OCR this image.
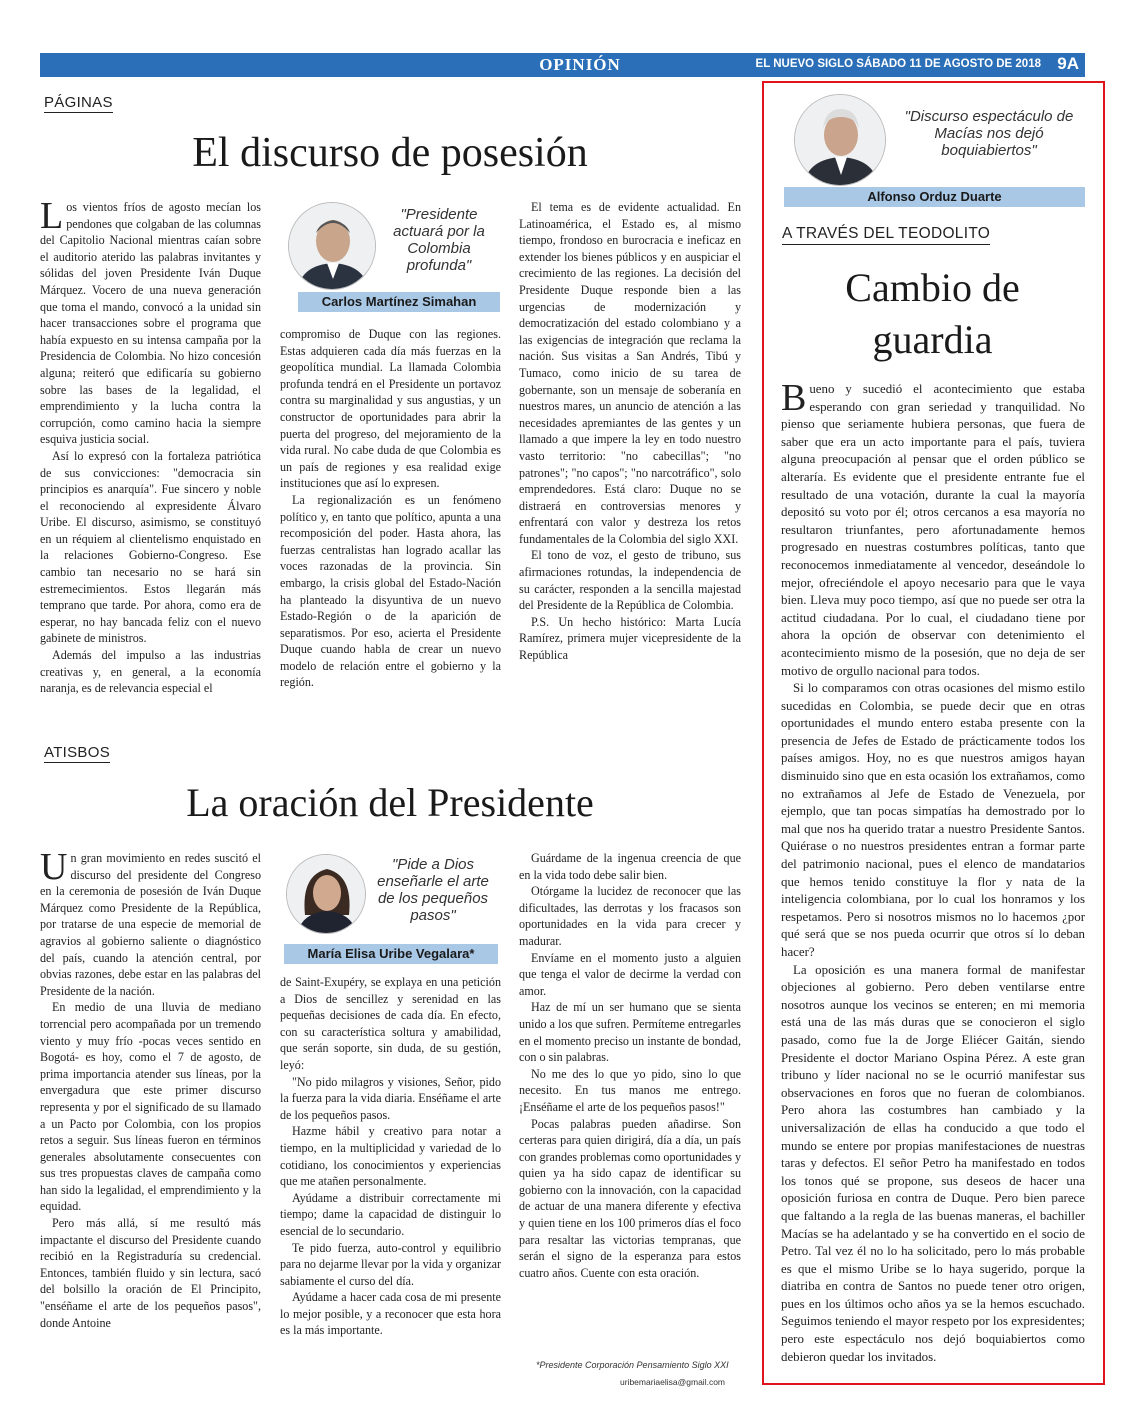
OPINIÓN	EL NUEVO SIGLO SÁBADO 11 DE AGOSTO DE 2018 9A
PÁGINAS
El discurso de posesión

Los vientos fríos de agosto mecían los pendones que colgaban de las columnas del Capitolio Nacional mientras caían sobre el auditorio aterido las palabras invitantes y sólidas del joven Presidente Iván Duque Márquez. Vocero de una nueva generación que toma el mando, convocó a la unidad sin hacer transacciones sobre el programa que había expuesto en su intensa campaña por la Presidencia de Colombia. No hizo concesión alguna; reiteró que edificaría su gobierno sobre las bases de la legalidad, el emprendimiento y la lucha contra la corrupción, como camino hacia la siempre esquiva justicia social.

Así lo expresó con la fortaleza patriótica de sus convicciones: "democracia sin principios es anarquía". Fue sincero y noble el reconociendo al expresidente Álvaro Uribe. El discurso, asimismo, se constituyó en un réquiem al clientelismo enquistado en la relaciones Gobierno-Congreso. Ese cambio tan necesario no se hará sin estremecimientos. Estos llegarán más temprano que tarde. Por ahora, como era de esperar, no hay bancada feliz con el nuevo gabinete de ministros.

Además del impulso a las industrias creativas y, en general, a la economía naranja, es de relevancia especial el

"Presidente actuará por la Colombia profunda"
Carlos Martínez Simahan

compromiso de Duque con las regiones. Estas adquieren cada día más fuerzas en la geopolítica mundial. La llamada Colombia profunda tendrá en el Presidente un portavoz contra su marginalidad y sus angustias, y un constructor de oportunidades para abrir la puerta del progreso, del mejoramiento de la vida rural. No cabe duda de que Colombia es un país de regiones y esa realidad exige instituciones que así lo expresen.

La regionalización es un fenómeno político y, en tanto que político, apunta a una recomposición del poder. Hasta ahora, las fuerzas centralistas han logrado acallar las voces razonadas de la provincia. Sin embargo, la crisis global del Estado-Nación ha planteado la disyuntiva de un nuevo Estado-Región o de la aparición de separatismos. Por eso, acierta el Presidente Duque cuando habla de crear un nuevo modelo de relación entre el gobierno y la región.

El tema es de evidente actualidad. En Latinoamérica, el Estado es, al mismo tiempo, frondoso en burocracia e ineficaz en extender los bienes públicos y en auspiciar el crecimiento de las regiones. La decisión del Presidente Duque responde bien a las urgencias de modernización y democratización del estado colombiano y a las exigencias de integración que reclama la nación. Sus visitas a San Andrés, Tibú y Tumaco, como inicio de su tarea de gobernante, son un mensaje de soberanía en nuestros mares, un anuncio de atención a las necesidades apremiantes de las gentes y un llamado a que impere la ley en todo nuestro vasto territorio: "no cabecillas"; "no patrones"; "no capos"; "no narcotráfico", solo emprendedores. Está claro: Duque no se distraerá en controversias menores y enfrentará con valor y destreza los retos fundamentales de la Colombia del siglo XXI.

El tono de voz, el gesto de tribuno, sus afirmaciones rotundas, la independencia de su carácter, responden a la sencilla majestad del Presidente de la República de Colombia.

P.S. Un hecho histórico: Marta Lucía Ramírez, primera mujer vicepresidente de la República

ATISBOS
La oración del Presidente

Un gran movimiento en redes suscitó el discurso del presidente del Congreso en la ceremonia de posesión de Iván Duque Márquez como Presidente de la República, por tratarse de una especie de memorial de agravios al gobierno saliente o diagnóstico del país, cuando la atención central, por obvias razones, debe estar en las palabras del Presidente de la nación.

En medio de una lluvia de mediano torrencial pero acompañada por un tremendo viento y muy frío -pocas veces sentido en Bogotá- es hoy, como el 7 de agosto, de prima importancia atender sus líneas, por la envergadura que este primer discurso representa y por el significado de su llamado a un Pacto por Colombia, con los propios retos a seguir. Sus líneas fueron en términos generales absolutamente consecuentes con sus tres propuestas claves de campaña como han sido la legalidad, el emprendimiento y la equidad.

Pero más allá, sí me resultó más impactante el discurso del Presidente cuando recibió en la Registraduría su credencial. Entonces, también fluido y sin lectura, sacó del bolsillo la oración de El Principito, "enséñame el arte de los pequeños pasos", donde Antoine

"Pide a Dios enseñarle el arte de los pequeños pasos"
María Elisa Uribe Vegalara*

de Saint-Exupéry, se explaya en una petición a Dios de sencillez y serenidad en las pequeñas decisiones de cada día. En efecto, con su característica soltura y amabilidad, que serán soporte, sin duda, de su gestión, leyó:

"No pido milagros y visiones, Señor, pido la fuerza para la vida diaria. Enséñame el arte de los pequeños pasos.

Hazme hábil y creativo para notar a tiempo, en la multiplicidad y variedad de lo cotidiano, los conocimientos y experiencias que me atañen personalmente.

Ayúdame a distribuir correctamente mi tiempo; dame la capacidad de distinguir lo esencial de lo secundario.

Te pido fuerza, auto-control y equilibrio para no dejarme llevar por la vida y organizar sabiamente el curso del día.

Ayúdame a hacer cada cosa de mi presente lo mejor posible, y a reconocer que esta hora es la más importante.

Guárdame de la ingenua creencia de que en la vida todo debe salir bien.

Otórgame la lucidez de reconocer que las dificultades, las derrotas y los fracasos son oportunidades en la vida para crecer y madurar.

Envíame en el momento justo a alguien que tenga el valor de decirme la verdad con amor.

Haz de mí un ser humano que se sienta unido a los que sufren. Permíteme entregarles en el momento preciso un instante de bondad, con o sin palabras.

No me des lo que yo pido, sino lo que necesito. En tus manos me entrego. ¡Enséñame el arte de los pequeños pasos!"

Pocas palabras pueden añadirse. Son certeras para quien dirigirá, día a día, un país con grandes problemas como oportunidades y quien ya ha sido capaz de identificar su gobierno con la innovación, con la capacidad de actuar de una manera diferente y efectiva y quien tiene en los 100 primeros días el foco para resaltar las victorias tempranas, que serán el signo de la esperanza para estos cuatro años. Cuente con esta oración.

*Presidente Corporación Pensamiento Siglo XXI
uribemariaelisa@gmail.com
"Discurso espectáculo de Macías nos dejó boquiabiertos"
Alfonso Orduz Duarte
A TRAVÉS DEL TEODOLITO
Cambio de
guardia

Bueno y sucedió el acontecimiento que estaba esperando con gran seriedad y tranquilidad. No pienso que seriamente hubiera personas, que fuera de saber que era un acto importante para el país, tuviera alguna preocupación al pensar que el orden público se alteraría. Es evidente que el presidente entrante fue el resultado de una votación, durante la cual la mayoría depositó su voto por él; otros cercanos a esa mayoría no resultaron triunfantes, pero afortunadamente hemos progresado en nuestras costumbres políticas, tanto que reconocemos inmediatamente al vencedor, deseándole lo mejor, ofreciéndole el apoyo necesario para que le vaya bien. Lleva muy poco tiempo, así que no puede ser otra la actitud ciudadana. Por lo cual, el ciudadano tiene por ahora la opción de observar con detenimiento el acontecimiento mismo de la posesión, que no deja de ser motivo de orgullo nacional para todos.

Si lo comparamos con otras ocasiones del mismo estilo sucedidas en Colombia, se puede decir que en otras oportunidades el mundo entero estaba presente con la presencia de Jefes de Estado de prácticamente todos los países amigos. Hoy, no es que nuestros amigos hayan disminuido sino que en esta ocasión los extrañamos, como no extrañamos al Jefe de Estado de Venezuela, por ejemplo, que tan pocas simpatías ha demostrado por lo mal que nos ha querido tratar a nuestro Presidente Santos. Quiérase o no nuestros presidentes entran a formar parte del patrimonio nacional, pues el elenco de mandatarios que hemos tenido constituye la flor y nata de la inteligencia colombiana, por lo cual los honramos y los respetamos. Pero si nosotros mismos no lo hacemos ¿por qué será que se nos pueda ocurrir que otros sí lo deban hacer?

La oposición es una manera formal de manifestar objeciones al gobierno. Pero deben ventilarse entre nosotros aunque los vecinos se enteren; en mi memoria está una de las más duras que se conocieron el siglo pasado, como fue la de Jorge Eliécer Gaitán, siendo Presidente el doctor Mariano Ospina Pérez. A este gran tribuno y líder nacional no se le ocurrió manifestar sus observaciones en foros que no fueran de colombianos. Pero ahora las costumbres han cambiado y la universalización de ellas ha conducido a que todo el mundo se entere por propias manifestaciones de nuestras taras y defectos. El señor Petro ha manifestado en todos los tonos qué se propone, sus deseos de hacer una oposición furiosa en contra de Duque. Pero bien parece que faltando a la regla de las buenas maneras, el bachiller Macías se ha adelantado y se ha convertido en el socio de Petro. Tal vez él no lo ha solicitado, pero lo más probable es que el mismo Uribe se lo haya sugerido, porque la diatriba en contra de Santos no puede tener otro origen, pues en los últimos ocho años ya se la hemos escuchado. Seguimos teniendo el mayor respeto por los expresidentes; pero este espectáculo nos dejó boquiabiertos como debieron quedar los invitados.
